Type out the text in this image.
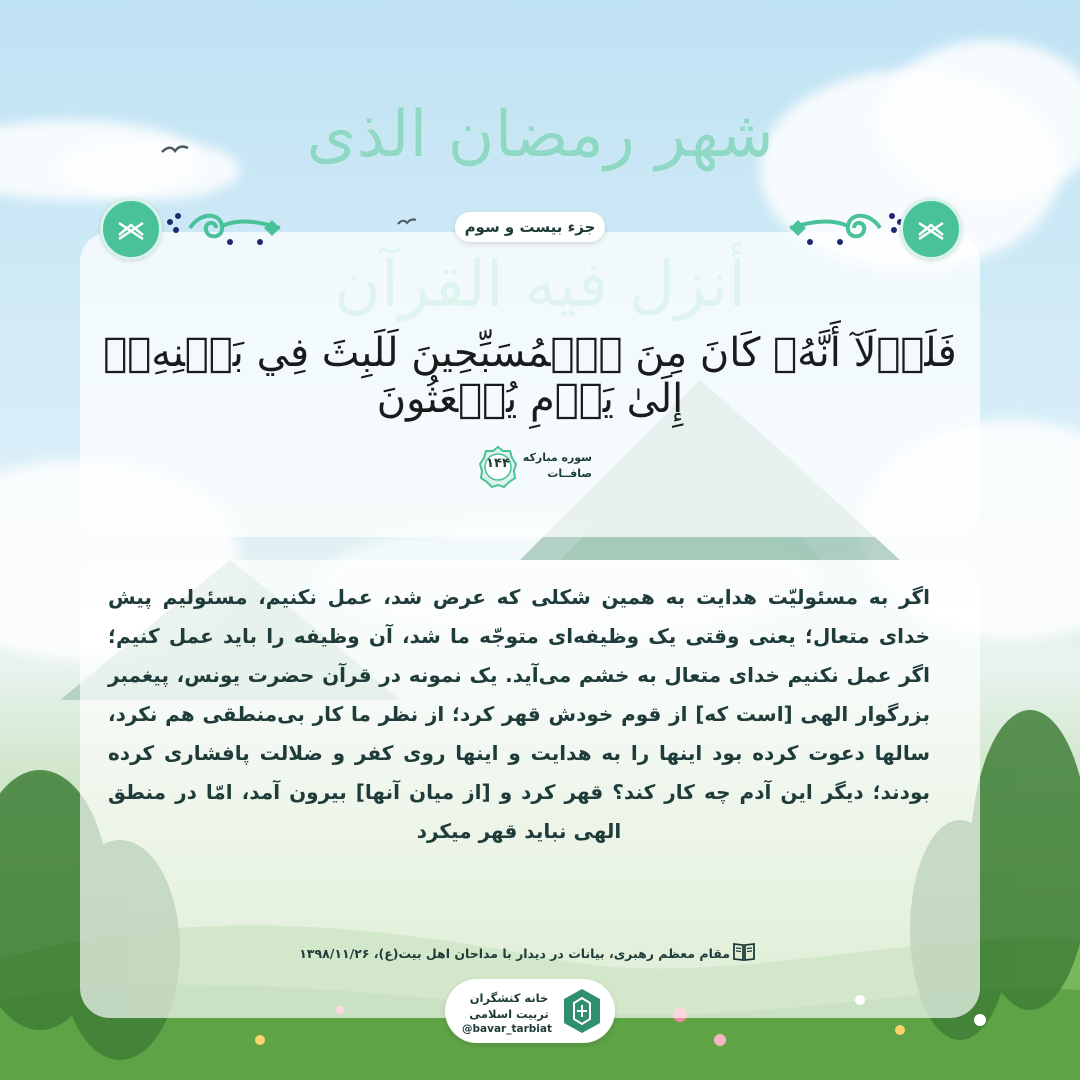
شهر رمضان الذی
جزء بیست و سوم
فَلَوۡلَآ أَنَّهُۥ كَانَ مِنَ ٱلۡمُسَبِّحِينَ لَلَبِثَ فِي بَطۡنِهِۦٓ إِلَىٰ يَوۡمِ يُبۡعَثُونَ
۱۴۴	سوره مبارکه
صافــات
اگر به مسئولیّت هدایت به همین شکلی که عرض شد، عمل نکنیم، مسئولیم پیش خدای متعال؛ یعنی وقتی یک وظیفه‌ای متوجّه ما شد، آن وظیفه را باید عمل کنیم؛ اگر عمل نکنیم خدای متعال به خشم می‌آید. یک نمونه در قرآن حضرت یونس، پیغمبر بزرگوار الهی [است که] از قوم خودش قهر کرد؛ از نظر ما کار بی‌منطقی هم نکرد، سالها دعوت کرده بود اینها را به هدایت و اینها روی کفر و ضلالت پافشاری کرده بودند؛ دیگر این آدم چه کار کند؟ قهر کرد و [از میان آنها] بیرون آمد، امّا در منطق الهی نباید قهر میکرد
مقام معظم رهبری، بیانات در دیدار با مداحان اهل بیت(ع)، ۱۳۹۸/۱۱/۲۶
خانه کنشگران
تربیت اسلامی
@bavar_tarbiat
